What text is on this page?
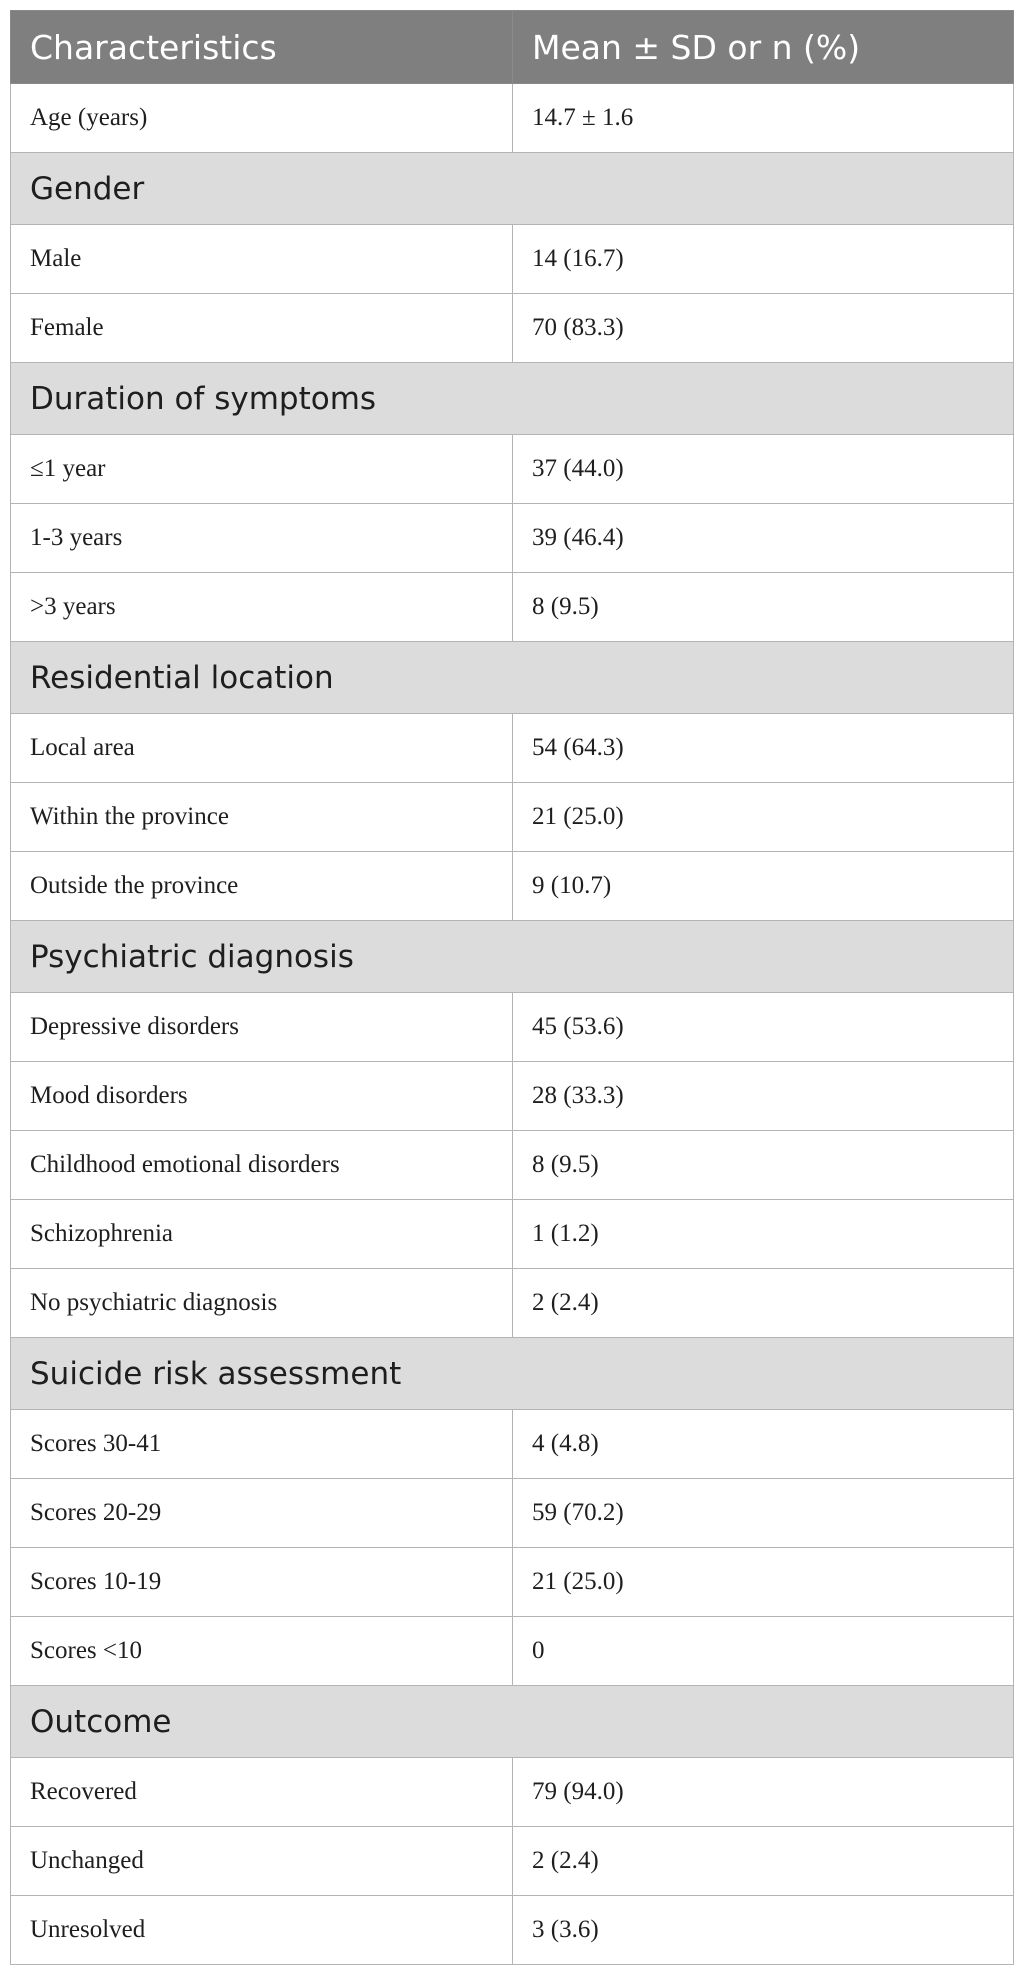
Characteristics	Mean ± SD or n (%)
Age (years)	14.7 ± 1.6
Gender	
Male	14 (16.7)
Female	70 (83.3)
Duration of symptoms	
≤1 year	37 (44.0)
1-3 years	39 (46.4)
>3 years	8 (9.5)
Residential location	
Local area	54 (64.3)
Within the province	21 (25.0)
Outside the province	9 (10.7)
Psychiatric diagnosis	
Depressive disorders	45 (53.6)
Mood disorders	28 (33.3)
Childhood emotional disorders	8 (9.5)
Schizophrenia	1 (1.2)
No psychiatric diagnosis	2 (2.4)
Suicide risk assessment	
Scores 30-41	4 (4.8)
Scores 20-29	59 (70.2)
Scores 10-19	21 (25.0)
Scores <10	0
Outcome	
Recovered	79 (94.0)
Unchanged	2 (2.4)
Unresolved	3 (3.6)
